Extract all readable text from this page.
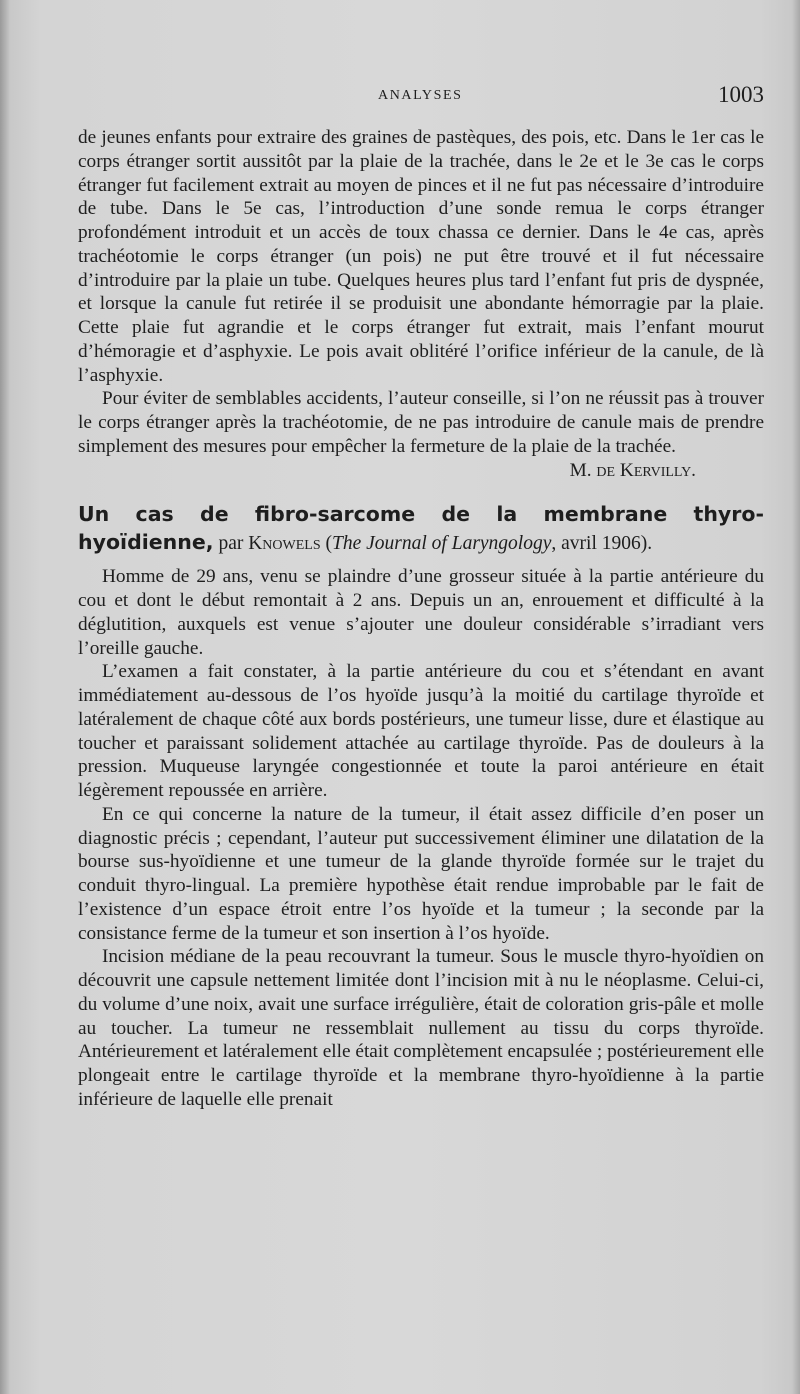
ANALYSES	1003

de jeunes enfants pour extraire des graines de pastèques, des pois, etc. Dans le 1er cas le corps étranger sortit aussitôt par la plaie de la trachée, dans le 2e et le 3e cas le corps étranger fut facilement extrait au moyen de pinces et il ne fut pas nécessaire d’introduire de tube. Dans le 5e cas, l’introduction d’une sonde remua le corps étranger profondément introduit et un accès de toux chassa ce dernier. Dans le 4e cas, après trachéotomie le corps étranger (un pois) ne put être trouvé et il fut nécessaire d’introduire par la plaie un tube. Quelques heures plus tard l’enfant fut pris de dyspnée, et lorsque la canule fut retirée il se produisit une abondante hémorragie par la plaie. Cette plaie fut agrandie et le corps étranger fut extrait, mais l’enfant mourut d’hémoragie et d’asphyxie. Le pois avait oblitéré l’orifice inférieur de la canule, de là l’asphyxie.

Pour éviter de semblables accidents, l’auteur conseille, si l’on ne réussit pas à trouver le corps étranger après la trachéotomie, de ne pas introduire de canule mais de prendre simplement des mesures pour empêcher la fermeture de la plaie de la trachée.

M. de Kervilly.

Un cas de fibro-sarcome de la membrane thyro-hyoïdienne, par Knowels (The Journal of Laryngology, avril 1906).

Homme de 29 ans, venu se plaindre d’une grosseur située à la partie antérieure du cou et dont le début remontait à 2 ans. Depuis un an, enrouement et difficulté à la déglutition, auxquels est venue s’ajouter une douleur considérable s’irradiant vers l’oreille gauche.

L’examen a fait constater, à la partie antérieure du cou et s’étendant en avant immédiatement au-dessous de l’os hyoïde jusqu’à la moitié du cartilage thyroïde et latéralement de chaque côté aux bords postérieurs, une tumeur lisse, dure et élastique au toucher et paraissant solidement attachée au cartilage thyroïde. Pas de douleurs à la pression. Muqueuse laryngée congestionnée et toute la paroi antérieure en était légèrement repoussée en arrière.

En ce qui concerne la nature de la tumeur, il était assez difficile d’en poser un diagnostic précis ; cependant, l’auteur put successivement éliminer une dilatation de la bourse sus-hyoïdienne et une tumeur de la glande thyroïde formée sur le trajet du conduit thyro-lingual. La première hypothèse était rendue improbable par le fait de l’existence d’un espace étroit entre l’os hyoïde et la tumeur ; la seconde par la consistance ferme de la tumeur et son insertion à l’os hyoïde.

Incision médiane de la peau recouvrant la tumeur. Sous le muscle thyro-hyoïdien on découvrit une capsule nettement limitée dont l’incision mit à nu le néoplasme. Celui-ci, du volume d’une noix, avait une surface irrégulière, était de coloration gris-pâle et molle au toucher. La tumeur ne ressemblait nullement au tissu du corps thyroïde. Antérieurement et latéralement elle était complètement encapsulée ; postérieurement elle plongeait entre le cartilage thyroïde et la membrane thyro-hyoïdienne à la partie inférieure de laquelle elle prenait
